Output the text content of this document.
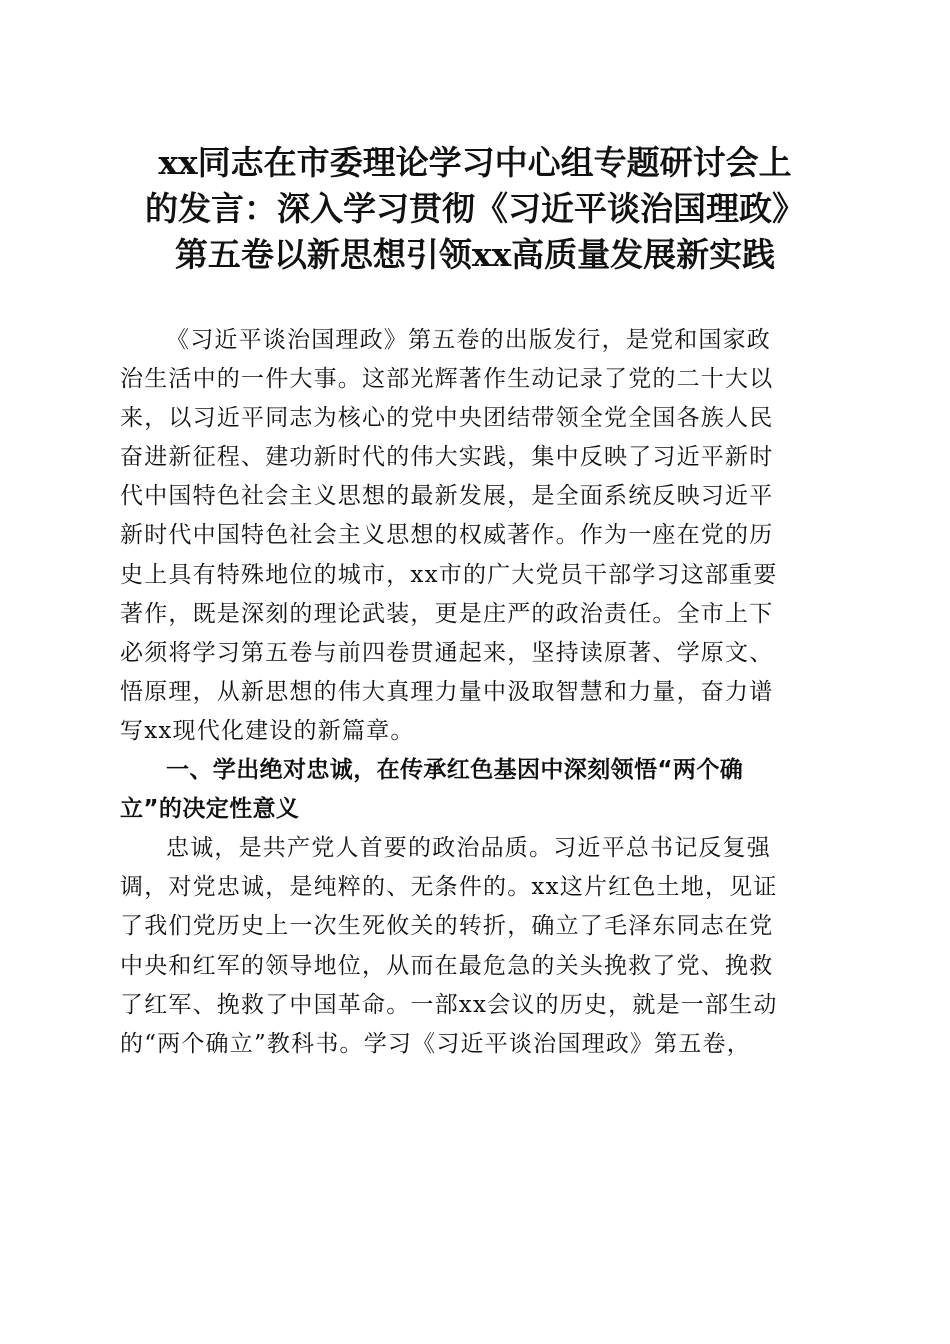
xx同志在市委理论学习中心组专题研讨会上
的发言：深入学习贯彻《习近平谈治国理政》
第五卷以新思想引领xx高质量发展新实践

《习近平谈治国理政》第五卷的出版发行，是党和国家政
治生活中的一件大事。这部光辉著作生动记录了党的二十大以
来，以习近平同志为核心的党中央团结带领全党全国各族人民
奋进新征程、建功新时代的伟大实践，集中反映了习近平新时
代中国特色社会主义思想的最新发展，是全面系统反映习近平
新时代中国特色社会主义思想的权威著作。作为一座在党的历
史上具有特殊地位的城市，xx市的广大党员干部学习这部重要
著作，既是深刻的理论武装，更是庄严的政治责任。全市上下
必须将学习第五卷与前四卷贯通起来，坚持读原著、学原文、
悟原理，从新思想的伟大真理力量中汲取智慧和力量，奋力谱
写xx现代化建设的新篇章。

一、学出绝对忠诚，在传承红色基因中深刻领悟“两个确
立”的决定性意义

忠诚，是共产党人首要的政治品质。习近平总书记反复强
调，对党忠诚，是纯粹的、无条件的。xx这片红色土地，见证
了我们党历史上一次生死攸关的转折，确立了毛泽东同志在党
中央和红军的领导地位，从而在最危急的关头挽救了党、挽救
了红军、挽救了中国革命。一部xx会议的历史，就是一部生动
的“两个确立”教科书。学习《习近平谈治国理政》第五卷，
